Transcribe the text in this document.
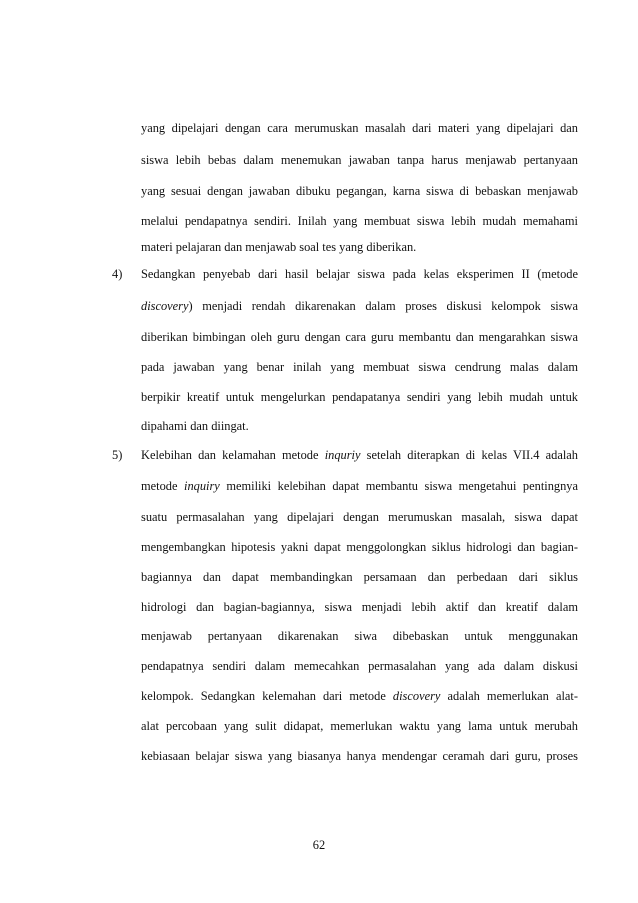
yang dipelajari dengan cara merumuskan masalah dari materi yang dipelajari dan
siswa lebih bebas dalam menemukan jawaban tanpa harus menjawab pertanyaan
yang sesuai dengan jawaban dibuku pegangan, karna siswa di bebaskan menjawab
melalui pendapatnya sendiri. Inilah yang membuat siswa lebih mudah memahami
materi pelajaran dan menjawab soal tes yang diberikan.
4)	Sedangkan penyebab dari hasil belajar siswa pada kelas eksperimen II (metode
discovery) menjadi rendah dikarenakan dalam proses diskusi kelompok siswa
diberikan bimbingan oleh guru dengan cara guru membantu dan mengarahkan siswa
pada jawaban yang benar inilah yang membuat siswa cendrung malas dalam
berpikir kreatif untuk mengelurkan pendapatanya sendiri yang lebih mudah untuk
dipahami dan diingat.
5)	Kelebihan dan kelamahan metode inquriy setelah diterapkan di kelas VII.4 adalah
metode inquiry memiliki kelebihan dapat membantu siswa mengetahui pentingnya
suatu permasalahan yang dipelajari dengan merumuskan masalah, siswa dapat
mengembangkan hipotesis yakni dapat menggolongkan siklus hidrologi dan bagian-
bagiannya dan dapat membandingkan persamaan dan perbedaan dari siklus
hidrologi dan bagian-bagiannya, siswa menjadi lebih aktif dan kreatif dalam
menjawab pertanyaan dikarenakan siwa dibebaskan untuk menggunakan
pendapatnya sendiri dalam memecahkan permasalahan yang ada dalam diskusi
kelompok. Sedangkan kelemahan dari metode discovery adalah memerlukan alat-
alat percobaan yang sulit didapat, memerlukan waktu yang lama untuk merubah
kebiasaan belajar siswa yang biasanya hanya mendengar ceramah dari guru, proses
62
